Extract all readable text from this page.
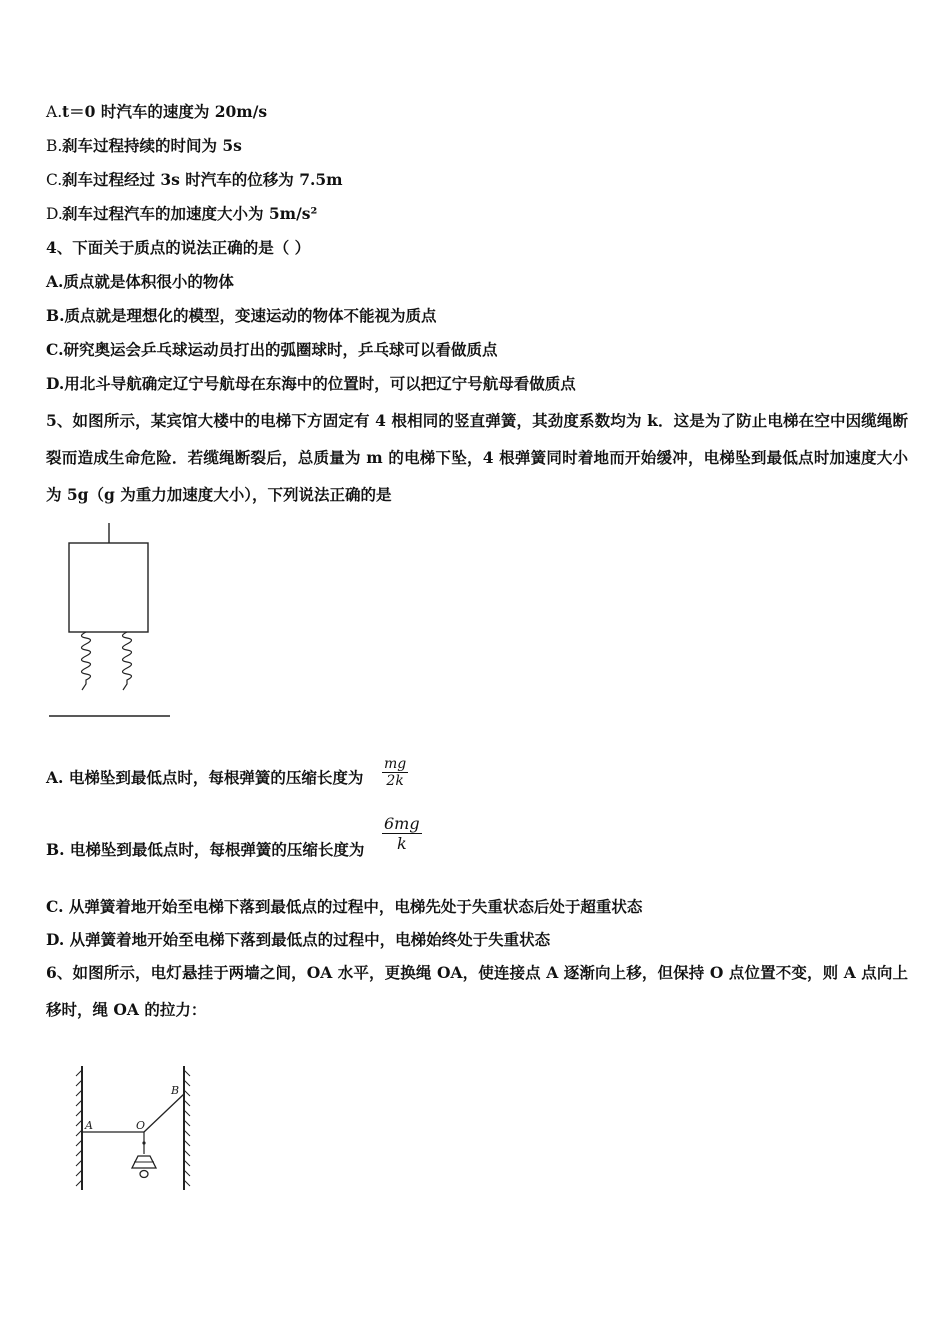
A. t＝0 时汽车的速度为 20m/s
B. 刹车过程持续的时间为 5s
C. 刹车过程经过 3s 时汽车的位移为 7.5m
D. 刹车过程汽车的加速度大小为 5m/s²
4、下面关于质点的说法正确的是（ ）
A.质点就是体积很小的物体
B.质点就是理想化的模型，变速运动的物体不能视为质点
C.研究奥运会乒乓球运动员打出的弧圈球时，乒乓球可以看做质点
D.用北斗导航确定辽宁号航母在东海中的位置时，可以把辽宁号航母看做质点
5、如图所示，某宾馆大楼中的电梯下方固定有 4 根相同的竖直弹簧，其劲度系数均为 k．这是为了防止电梯在空中因缆绳断裂而造成生命危险．若缆绳断裂后，总质量为 m 的电梯下坠，4 根弹簧同时着地而开始缓冲，电梯坠到最低点时加速度大小为 5g（g 为重力加速度大小），下列说法正确的是
A. 电梯坠到最低点时，每根弹簧的压缩长度为
mg
2k
B. 电梯坠到最低点时，每根弹簧的压缩长度为
6mg
k
C. 从弹簧着地开始至电梯下落到最低点的过程中，电梯先处于失重状态后处于超重状态
D. 从弹簧着地开始至电梯下落到最低点的过程中，电梯始终处于失重状态
6、如图所示，电灯悬挂于两墙之间，OA 水平，更换绳 OA，使连接点 A 逐渐向上移，但保持 O 点位置不变，则 A 点向上移时，绳 OA 的拉力：
A	O
B
